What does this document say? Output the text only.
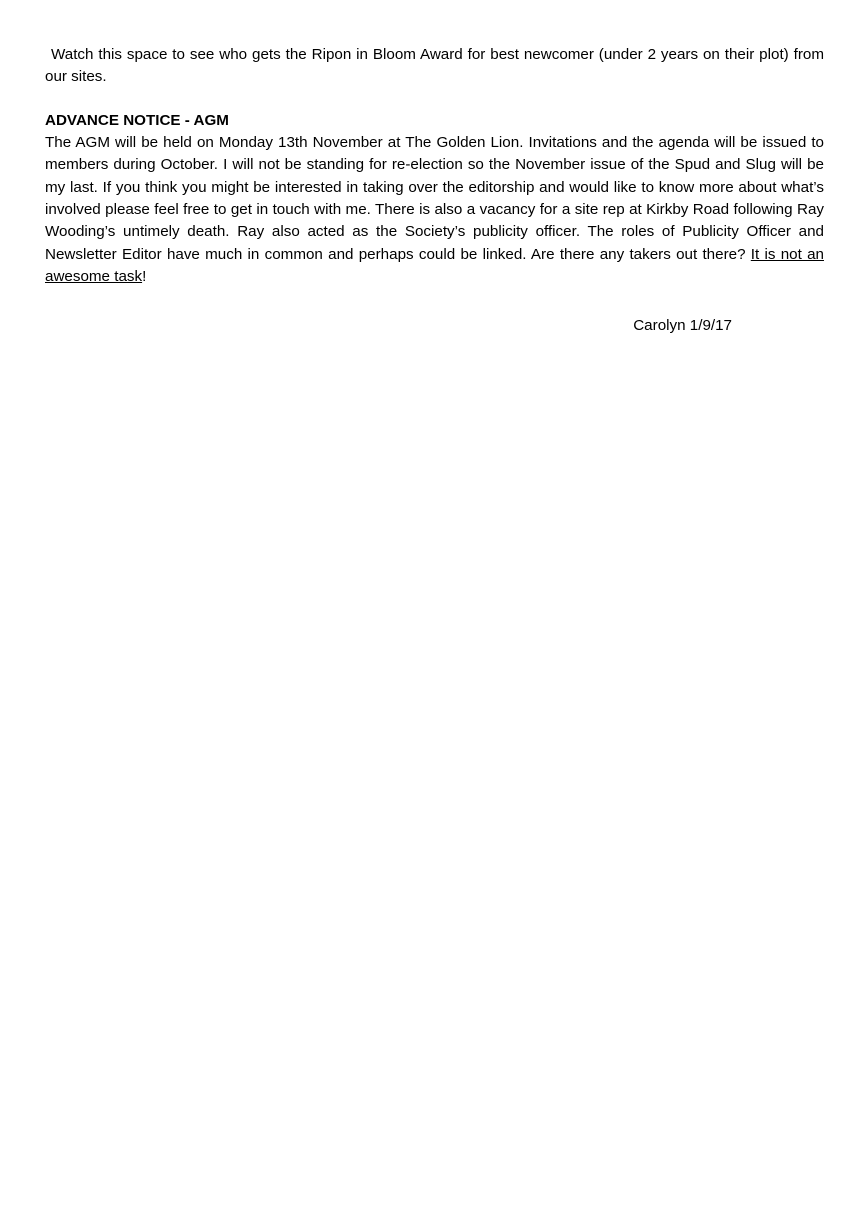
Watch this space to see who gets the Ripon in Bloom Award for best newcomer (under 2 years on their plot) from our sites.

ADVANCE NOTICE - AGM

The AGM will be held on Monday 13th November at The Golden Lion. Invitations and the agenda will be issued to members during October. I will not be standing for re-election so the November issue of the Spud and Slug will be my last. If you think you might be interested in taking over the editorship and would like to know more about what’s involved please feel free to get in touch with me. There is also a vacancy for a site rep at Kirkby Road following Ray Wooding’s untimely death. Ray also acted as the Society’s publicity officer. The roles of Publicity Officer and Newsletter Editor have much in common and perhaps could be linked. Are there any takers out there? It is not an awesome task!

Carolyn 1/9/17
